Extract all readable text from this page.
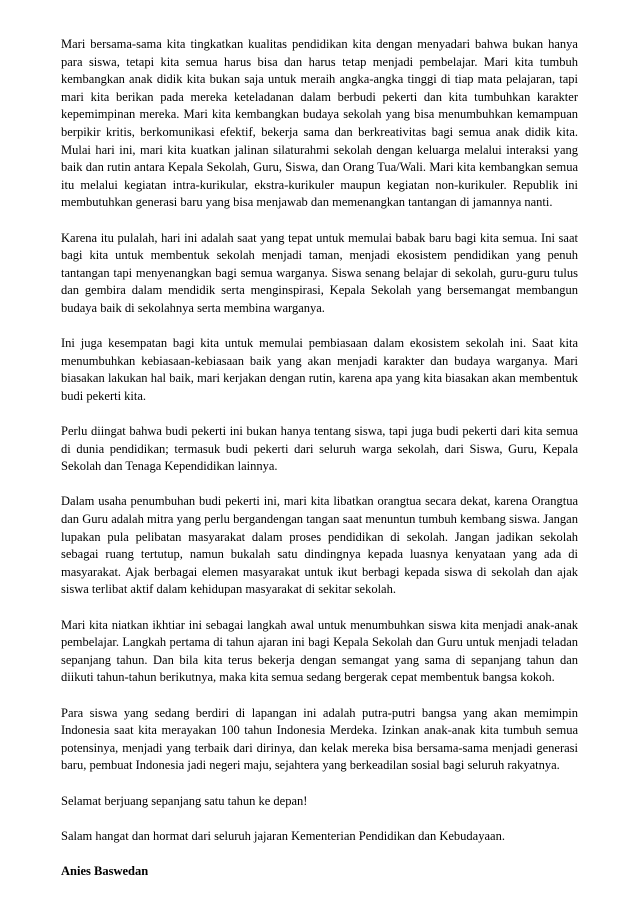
Mari bersama-sama kita tingkatkan kualitas pendidikan kita dengan menyadari bahwa bukan hanya para siswa, tetapi kita semua harus bisa dan harus tetap menjadi pembelajar. Mari kita tumbuh kembangkan anak didik kita bukan saja untuk meraih angka-angka tinggi di tiap mata pelajaran, tapi mari kita berikan pada mereka keteladanan dalam berbudi pekerti dan kita tumbuhkan karakter kepemimpinan mereka. Mari kita kembangkan budaya sekolah yang bisa menumbuhkan kemampuan berpikir kritis, berkomunikasi efektif, bekerja sama dan berkreativitas bagi semua anak didik kita. Mulai hari ini, mari kita kuatkan jalinan silaturahmi sekolah dengan keluarga melalui interaksi yang baik dan rutin antara Kepala Sekolah, Guru, Siswa, dan Orang Tua/Wali. Mari kita kembangkan semua itu melalui kegiatan intra-kurikular, ekstra-kurikuler maupun kegiatan non-kurikuler. Republik ini membutuhkan generasi baru yang bisa menjawab dan memenangkan tantangan di jamannya nanti.

Karena itu pulalah, hari ini adalah saat yang tepat untuk memulai babak baru bagi kita semua. Ini saat bagi kita untuk membentuk sekolah menjadi taman, menjadi ekosistem pendidikan yang penuh tantangan tapi menyenangkan bagi semua warganya. Siswa senang belajar di sekolah, guru-guru tulus dan gembira dalam mendidik serta menginspirasi, Kepala Sekolah yang bersemangat membangun budaya baik di sekolahnya serta membina warganya.

Ini juga kesempatan bagi kita untuk memulai pembiasaan dalam ekosistem sekolah ini. Saat kita menumbuhkan kebiasaan-kebiasaan baik yang akan menjadi karakter dan budaya warganya. Mari biasakan lakukan hal baik, mari kerjakan dengan rutin, karena apa yang kita biasakan akan membentuk budi pekerti kita.

Perlu diingat bahwa budi pekerti ini bukan hanya tentang siswa, tapi juga budi pekerti dari kita semua di dunia pendidikan; termasuk budi pekerti dari seluruh warga sekolah, dari Siswa, Guru, Kepala Sekolah dan Tenaga Kependidikan lainnya.

Dalam usaha penumbuhan budi pekerti ini, mari kita libatkan orangtua secara dekat, karena Orangtua dan Guru adalah mitra yang perlu bergandengan tangan saat menuntun tumbuh kembang siswa. Jangan lupakan pula pelibatan masyarakat dalam proses pendidikan di sekolah. Jangan jadikan sekolah sebagai ruang tertutup, namun bukalah satu dindingnya kepada luasnya kenyataan yang ada di masyarakat. Ajak berbagai elemen masyarakat untuk ikut berbagi kepada siswa di sekolah dan ajak siswa terlibat aktif dalam kehidupan masyarakat di sekitar sekolah.

Mari kita niatkan ikhtiar ini sebagai langkah awal untuk menumbuhkan siswa kita menjadi anak-anak pembelajar. Langkah pertama di tahun ajaran ini bagi Kepala Sekolah dan Guru untuk menjadi teladan sepanjang tahun. Dan bila kita terus bekerja dengan semangat yang sama di sepanjang tahun dan diikuti tahun-tahun berikutnya, maka kita semua sedang bergerak cepat membentuk bangsa kokoh.

Para siswa yang sedang berdiri di lapangan ini adalah putra-putri bangsa yang akan memimpin Indonesia saat kita merayakan 100 tahun Indonesia Merdeka. Izinkan anak-anak kita tumbuh semua potensinya, menjadi yang terbaik dari dirinya, dan kelak mereka bisa bersama-sama menjadi generasi baru, pembuat Indonesia jadi negeri maju, sejahtera yang berkeadilan sosial bagi seluruh rakyatnya.

Selamat berjuang sepanjang satu tahun ke depan!

Salam hangat dan hormat dari seluruh jajaran Kementerian Pendidikan dan Kebudayaan.

Anies Baswedan
